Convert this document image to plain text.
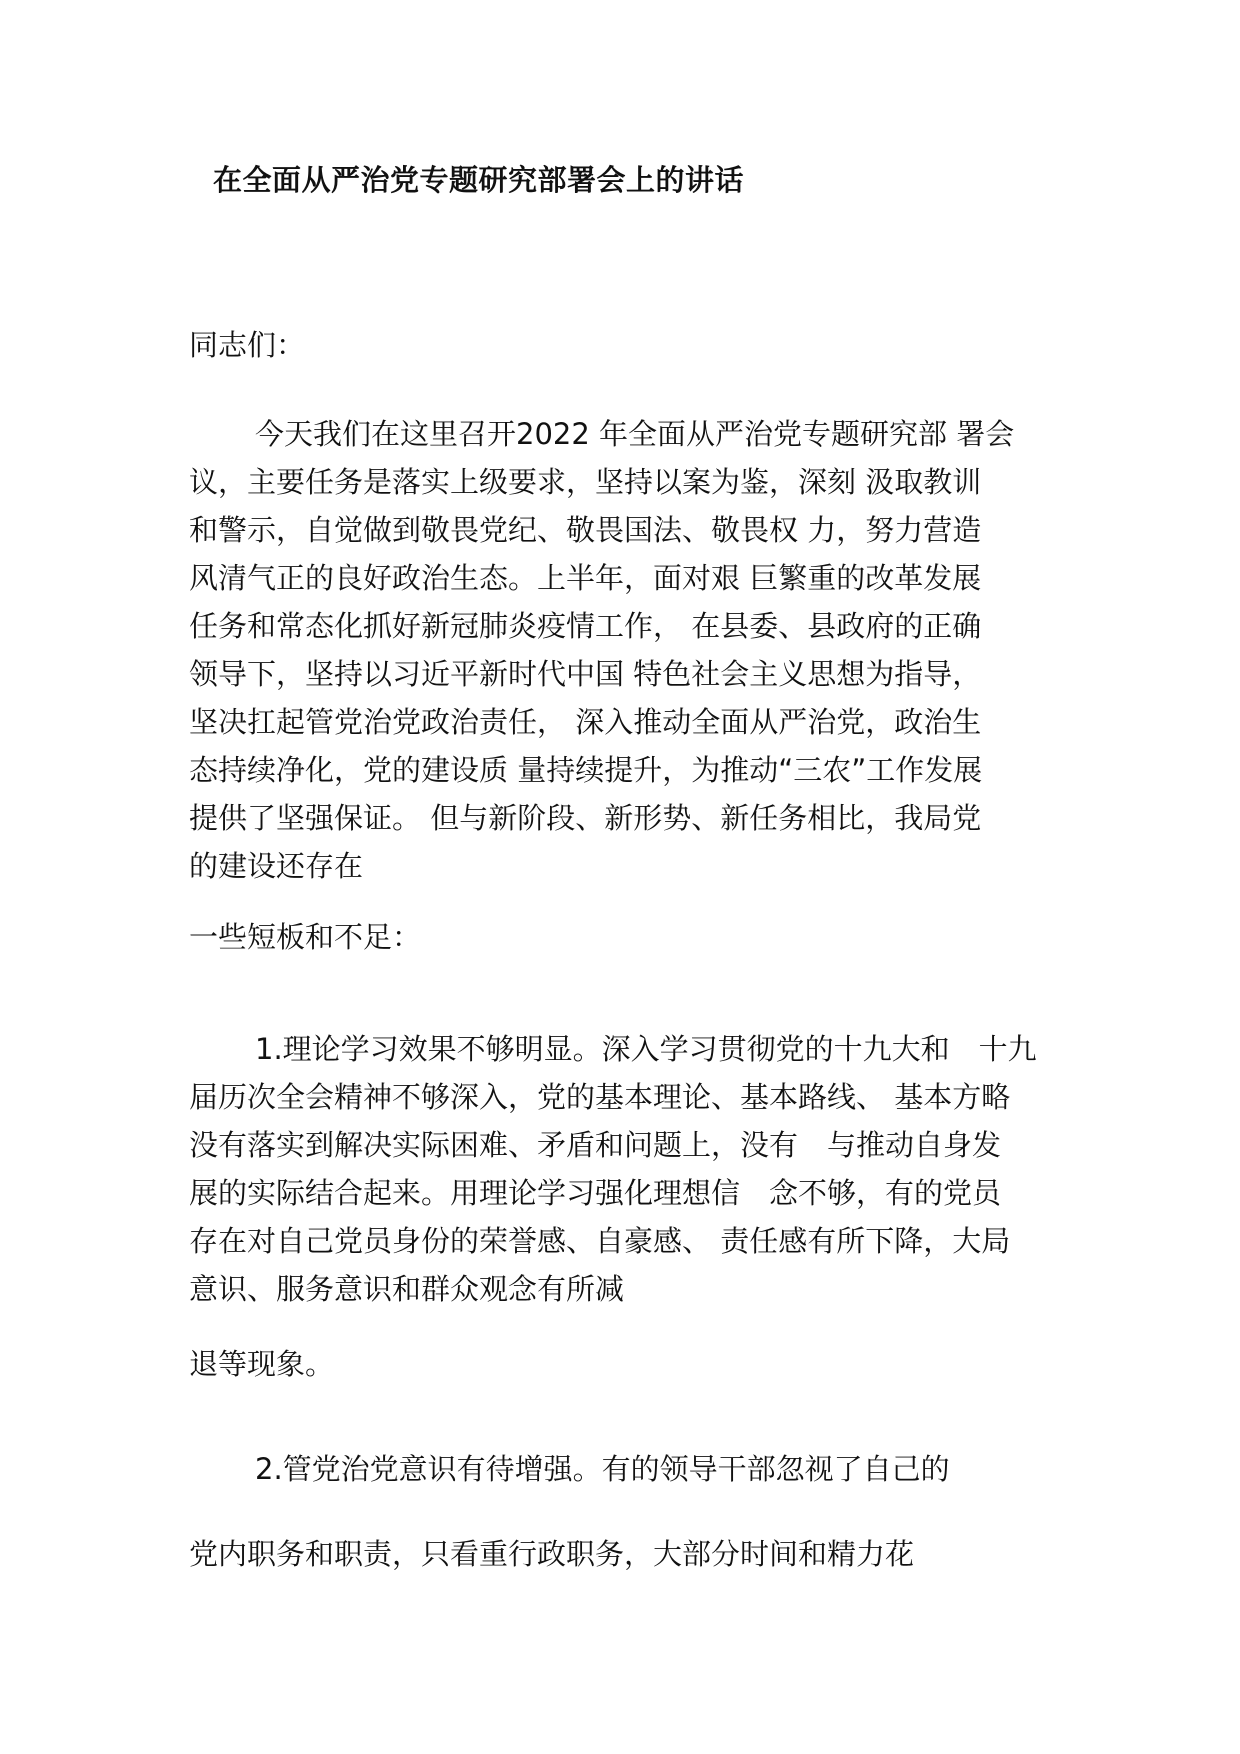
在全面从严治党专题研究部署会上的讲话
同志们：
今天我们在这里召开2022 年全面从严治党专题研究部 署会
议，主要任务是落实上级要求，坚持以案为鉴，深刻 汲取教训
和警示，自觉做到敬畏党纪、敬畏国法、敬畏权 力，努力营造
风清气正的良好政治生态。上半年，面对艰 巨繁重的改革发展
任务和常态化抓好新冠肺炎疫情工作， 在县委、县政府的正确
领导下，坚持以习近平新时代中国 特色社会主义思想为指导，
坚决扛起管党治党政治责任， 深入推动全面从严治党，政治生
态持续净化，党的建设质 量持续提升，为推动“三农”工作发展
提供了坚强保证。 但与新阶段、新形势、新任务相比，我局党
的建设还存在
一些短板和不足：
1.理论学习效果不够明显。深入学习贯彻党的十九大和　十九
届历次全会精神不够深入，党的基本理论、基本路线、 基本方略
没有落实到解决实际困难、矛盾和问题上，没有　与推动自身发
展的实际结合起来。用理论学习强化理想信　念不够，有的党员
存在对自己党员身份的荣誉感、自豪感、 责任感有所下降，大局
意识、服务意识和群众观念有所减
退等现象。
2.管党治党意识有待增强。有的领导干部忽视了自己的
党内职务和职责，只看重行政职务，大部分时间和精力花
